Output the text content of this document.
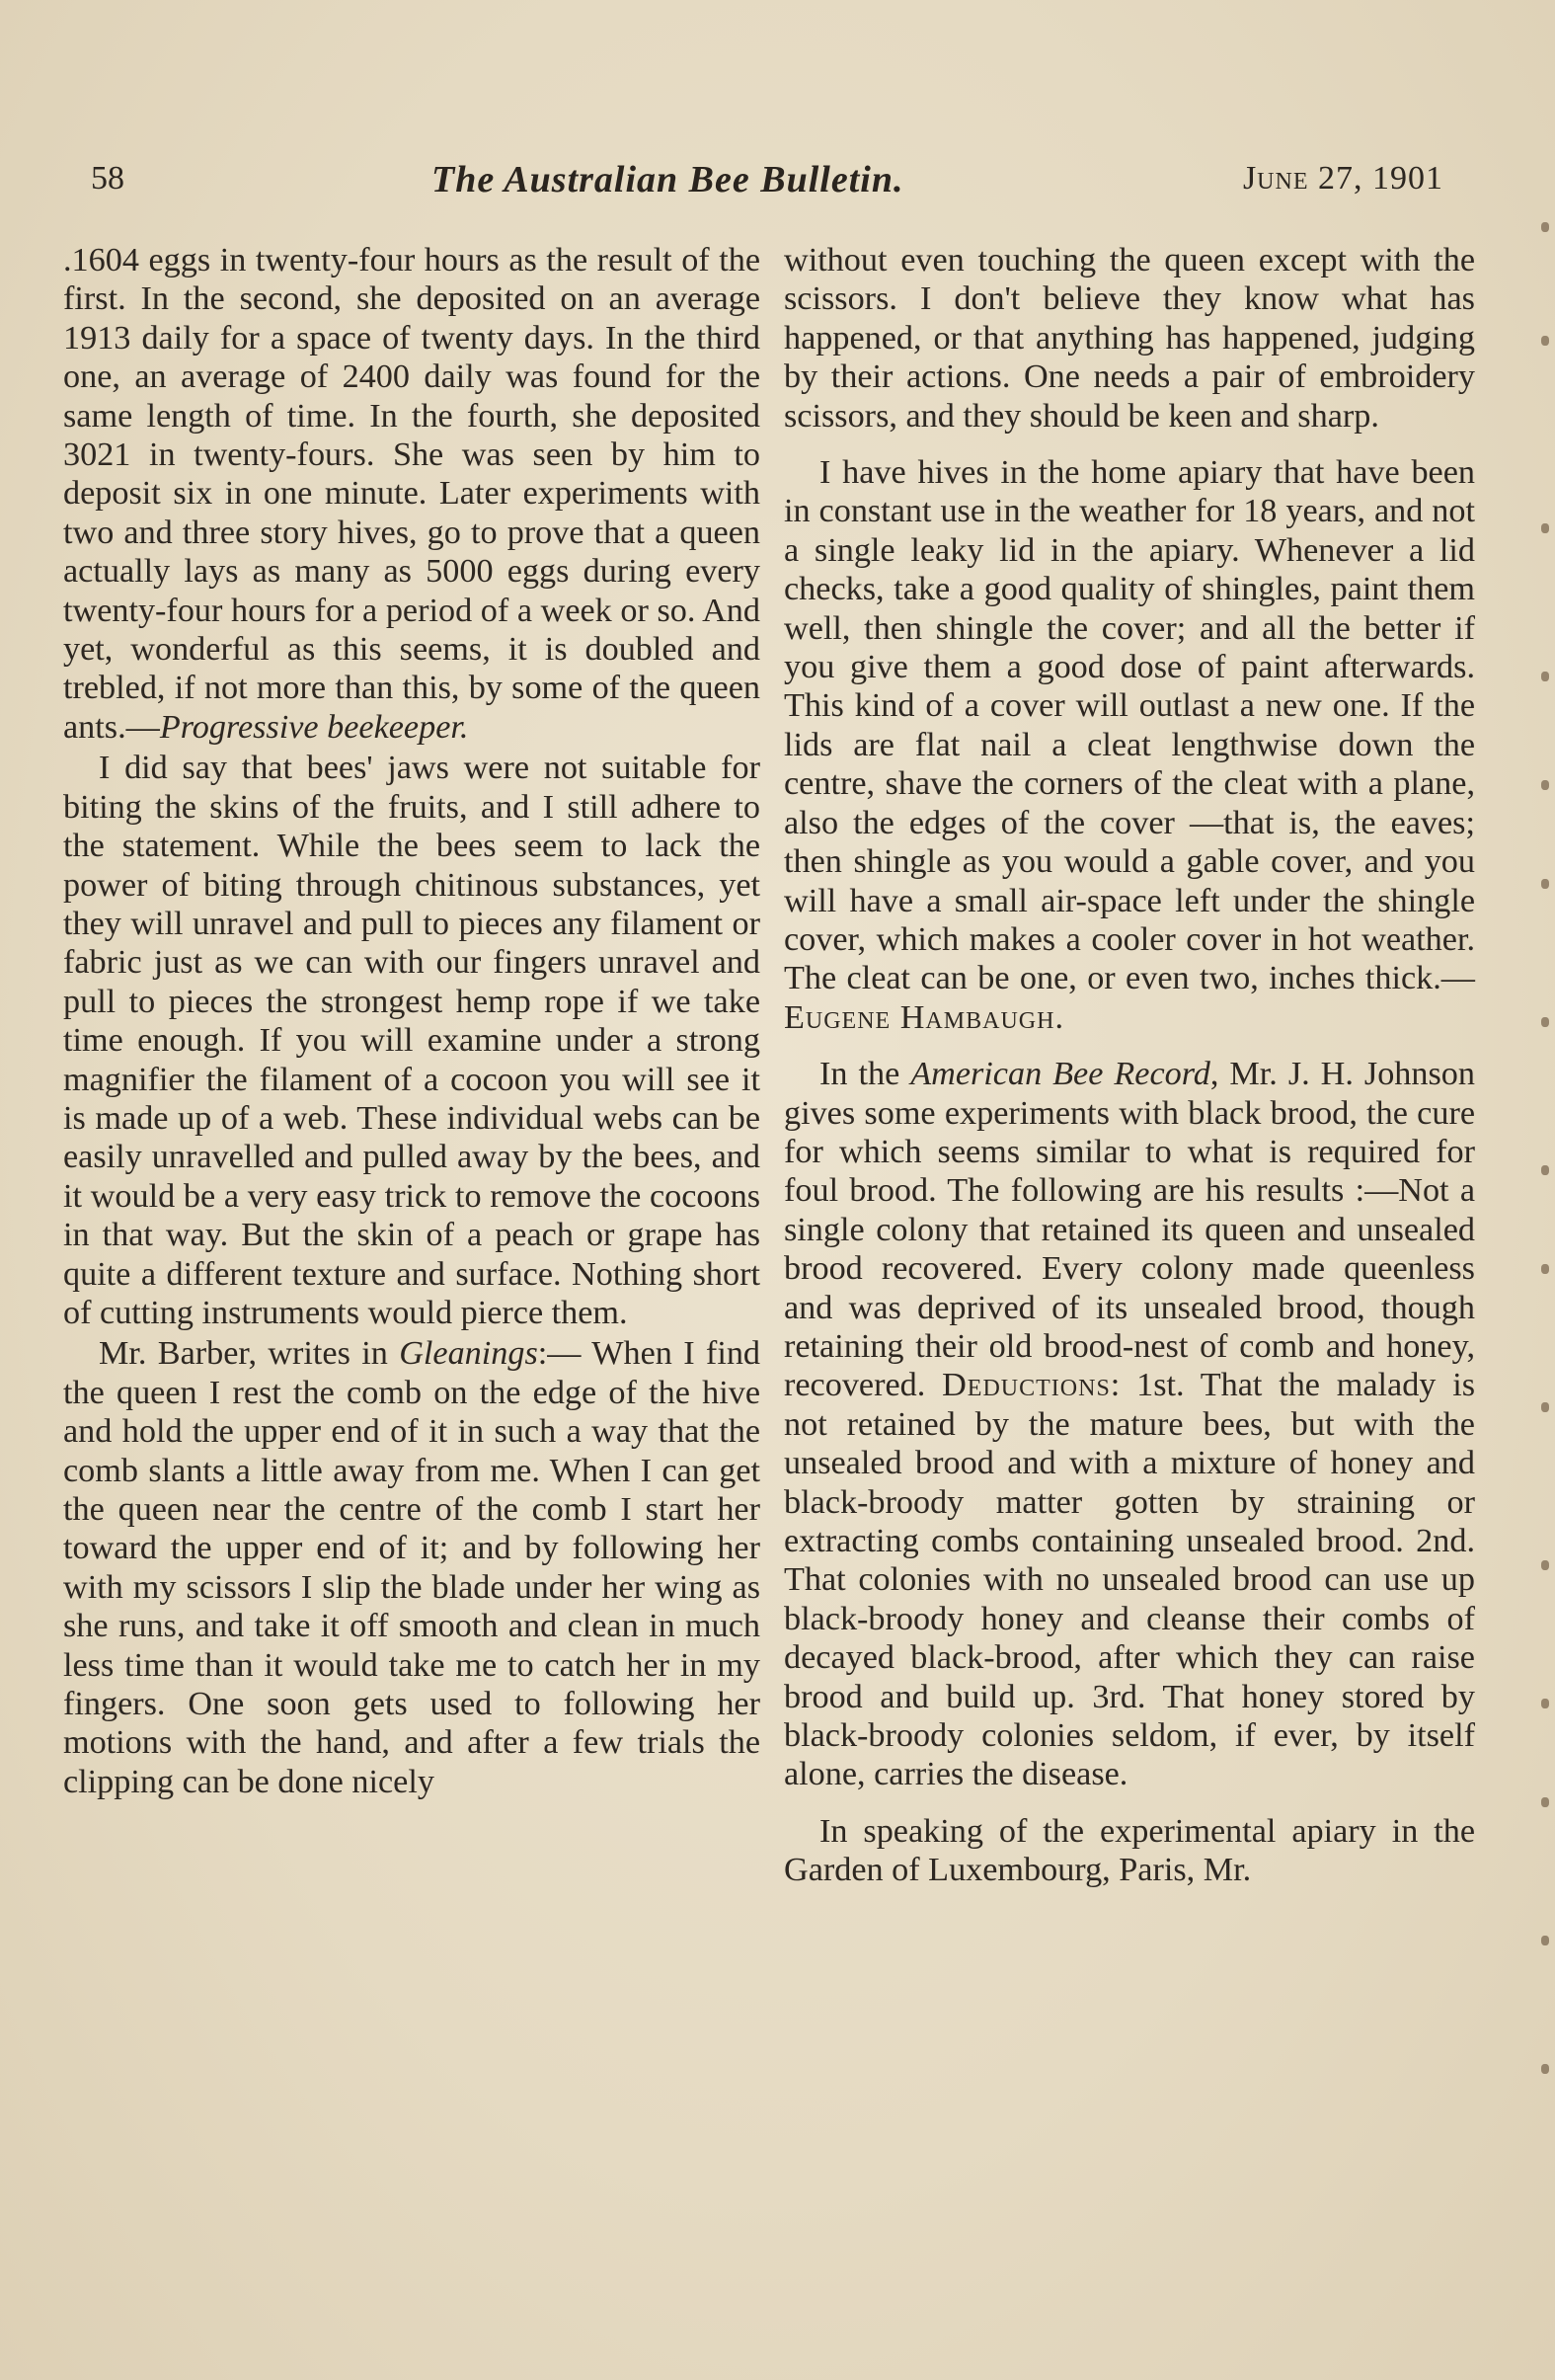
58	The Australian Bee Bulletin.	June 27, 1901

.1604 eggs in twenty-four hours as the result of the first. In the second, she deposited on an average 1913 daily for a space of twenty days. In the third one, an average of 2400 daily was found for the same length of time. In the fourth, she deposited 3021 in twenty-fours. She was seen by him to deposit six in one minute. Later experiments with two and three story hives, go to prove that a queen actually lays as many as 5000 eggs during every twenty-four hours for a period of a week or so. And yet, wonderful as this seems, it is doubled and trebled, if not more than this, by some of the queen ants.—Progressive beekeeper.

I did say that bees' jaws were not suitable for biting the skins of the fruits, and I still adhere to the statement. While the bees seem to lack the power of biting through chitinous substances, yet they will unravel and pull to pieces any filament or fabric just as we can with our fingers unravel and pull to pieces the strongest hemp rope if we take time enough. If you will examine under a strong magnifier the filament of a cocoon you will see it is made up of a web. These individual webs can be easily unravelled and pulled away by the bees, and it would be a very easy trick to remove the cocoons in that way. But the skin of a peach or grape has quite a different texture and surface. Nothing short of cutting instruments would pierce them.

Mr. Barber, writes in Gleanings:— When I find the queen I rest the comb on the edge of the hive and hold the upper end of it in such a way that the comb slants a little away from me. When I can get the queen near the centre of the comb I start her toward the upper end of it; and by following her with my scissors I slip the blade under her wing as she runs, and take it off smooth and clean in much less time than it would take me to catch her in my fingers. One soon gets used to following her motions with the hand, and after a few trials the clipping can be done nicely

without even touching the queen except with the scissors. I don't believe they know what has happened, or that anything has happened, judging by their actions. One needs a pair of embroidery scissors, and they should be keen and sharp.

I have hives in the home apiary that have been in constant use in the weather for 18 years, and not a single leaky lid in the apiary. Whenever a lid checks, take a good quality of shingles, paint them well, then shingle the cover; and all the better if you give them a good dose of paint afterwards. This kind of a cover will outlast a new one. If the lids are flat nail a cleat lengthwise down the centre, shave the corners of the cleat with a plane, also the edges of the cover —that is, the eaves; then shingle as you would a gable cover, and you will have a small air-space left under the shingle cover, which makes a cooler cover in hot weather. The cleat can be one, or even two, inches thick.—Eugene Hambaugh.

In the American Bee Record, Mr. J. H. Johnson gives some experiments with black brood, the cure for which seems similar to what is required for foul brood. The following are his results :—Not a single colony that retained its queen and unsealed brood recovered. Every colony made queenless and was deprived of its unsealed brood, though retaining their old brood-nest of comb and honey, recovered. Deductions: 1st. That the malady is not retained by the mature bees, but with the unsealed brood and with a mixture of honey and black-broody matter gotten by straining or extracting combs containing unsealed brood. 2nd. That colonies with no unsealed brood can use up black-broody honey and cleanse their combs of decayed black-brood, after which they can raise brood and build up. 3rd. That honey stored by black-broody colonies seldom, if ever, by itself alone, carries the disease.

In speaking of the experimental apiary in the Garden of Luxembourg, Paris, Mr.
